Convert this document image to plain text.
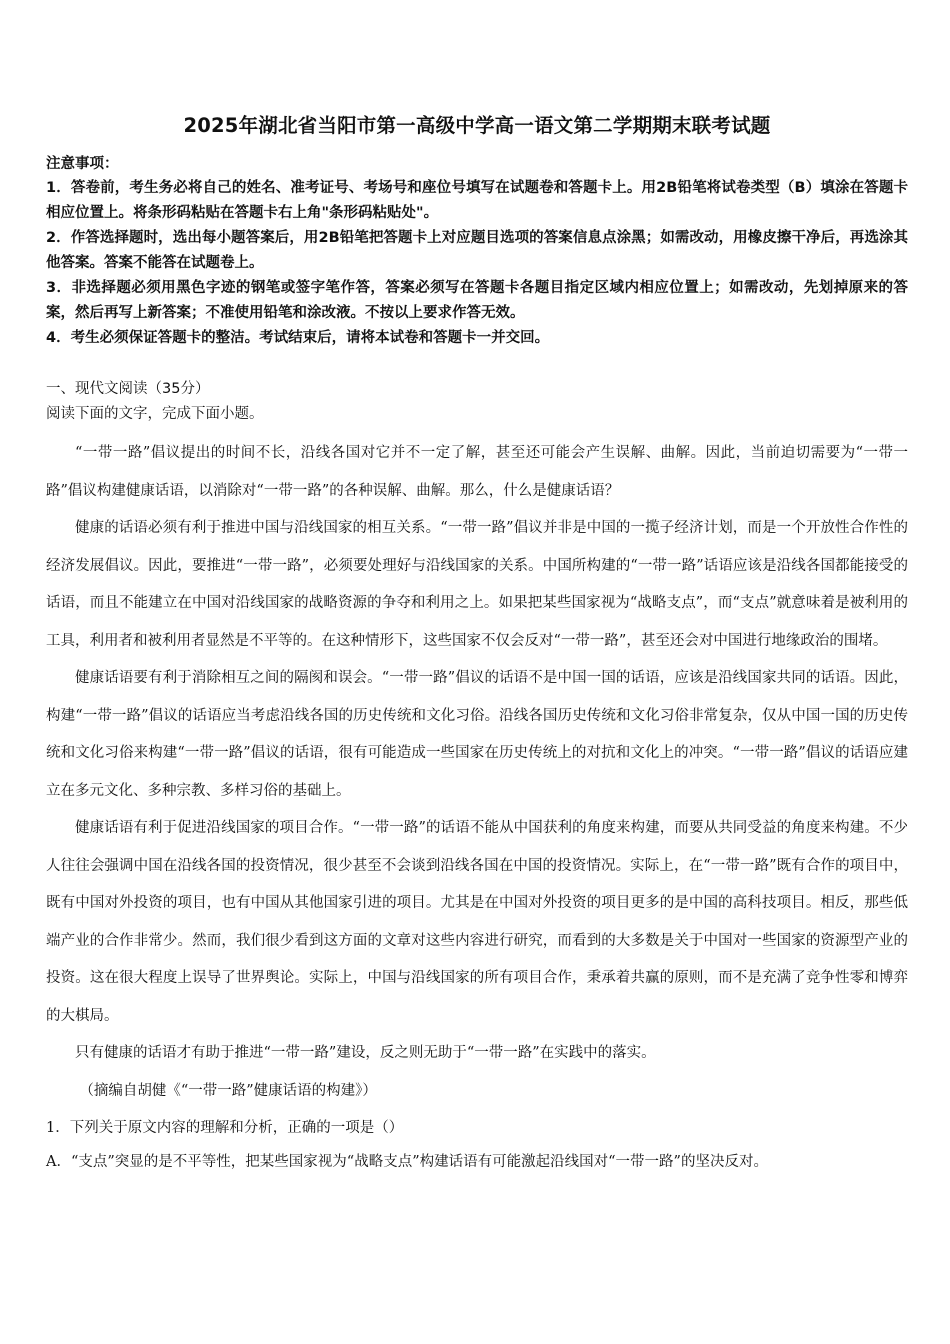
2025年湖北省当阳市第一高级中学高一语文第二学期期末联考试题
注意事项：
1．答卷前，考生务必将自己的姓名、准考证号、考场号和座位号填写在试题卷和答题卡上。用2B铅笔将试卷类型（B）填涂在答题卡相应位置上。将条形码粘贴在答题卡右上角"条形码粘贴处"。
2．作答选择题时，选出每小题答案后，用2B铅笔把答题卡上对应题目选项的答案信息点涂黑；如需改动，用橡皮擦干净后，再选涂其他答案。答案不能答在试题卷上。
3．非选择题必须用黑色字迹的钢笔或签字笔作答，答案必须写在答题卡各题目指定区域内相应位置上；如需改动，先划掉原来的答案，然后再写上新答案；不准使用铅笔和涂改液。不按以上要求作答无效。
4．考生必须保证答题卡的整洁。考试结束后，请将本试卷和答题卡一并交回。
一、现代文阅读（35分）
阅读下面的文字，完成下面小题。

“一带一路”倡议提出的时间不长，沿线各国对它并不一定了解，甚至还可能会产生误解、曲解。因此，当前迫切需要为“一带一路”倡议构建健康话语，以消除对“一带一路”的各种误解、曲解。那么，什么是健康话语？

健康的话语必须有利于推进中国与沿线国家的相互关系。“一带一路”倡议并非是中国的一揽子经济计划，而是一个开放性合作性的经济发展倡议。因此，要推进“一带一路”，必须要处理好与沿线国家的关系。中国所构建的“一带一路”话语应该是沿线各国都能接受的话语，而且不能建立在中国对沿线国家的战略资源的争夺和利用之上。如果把某些国家视为“战略支点”，而“支点”就意味着是被利用的工具，利用者和被利用者显然是不平等的。在这种情形下，这些国家不仅会反对“一带一路”，甚至还会对中国进行地缘政治的围堵。

健康话语要有利于消除相互之间的隔阂和误会。“一带一路”倡议的话语不是中国一国的话语，应该是沿线国家共同的话语。因此，构建“一带一路”倡议的话语应当考虑沿线各国的历史传统和文化习俗。沿线各国历史传统和文化习俗非常复杂，仅从中国一国的历史传统和文化习俗来构建“一带一路”倡议的话语，很有可能造成一些国家在历史传统上的对抗和文化上的冲突。“一带一路”倡议的话语应建立在多元文化、多种宗教、多样习俗的基础上。

健康话语有利于促进沿线国家的项目合作。“一带一路”的话语不能从中国获利的角度来构建，而要从共同受益的角度来构建。不少人往往会强调中国在沿线各国的投资情况，很少甚至不会谈到沿线各国在中国的投资情况。实际上，在“一带一路”既有合作的项目中，既有中国对外投资的项目，也有中国从其他国家引进的项目。尤其是在中国对外投资的项目更多的是中国的高科技项目。相反，那些低端产业的合作非常少。然而，我们很少看到这方面的文章对这些内容进行研究，而看到的大多数是关于中国对一些国家的资源型产业的投资。这在很大程度上误导了世界舆论。实际上，中国与沿线国家的所有项目合作，秉承着共赢的原则，而不是充满了竞争性零和博弈的大棋局。

只有健康的话语才有助于推进“一带一路”建设，反之则无助于“一带一路”在实践中的落实。

（摘编自胡健《“一带一路”健康话语的构建》）
1．下列关于原文内容的理解和分析，正确的一项是（）
A．“支点”突显的是不平等性，把某些国家视为“战略支点”构建话语有可能激起沿线国对“一带一路”的坚决反对。
